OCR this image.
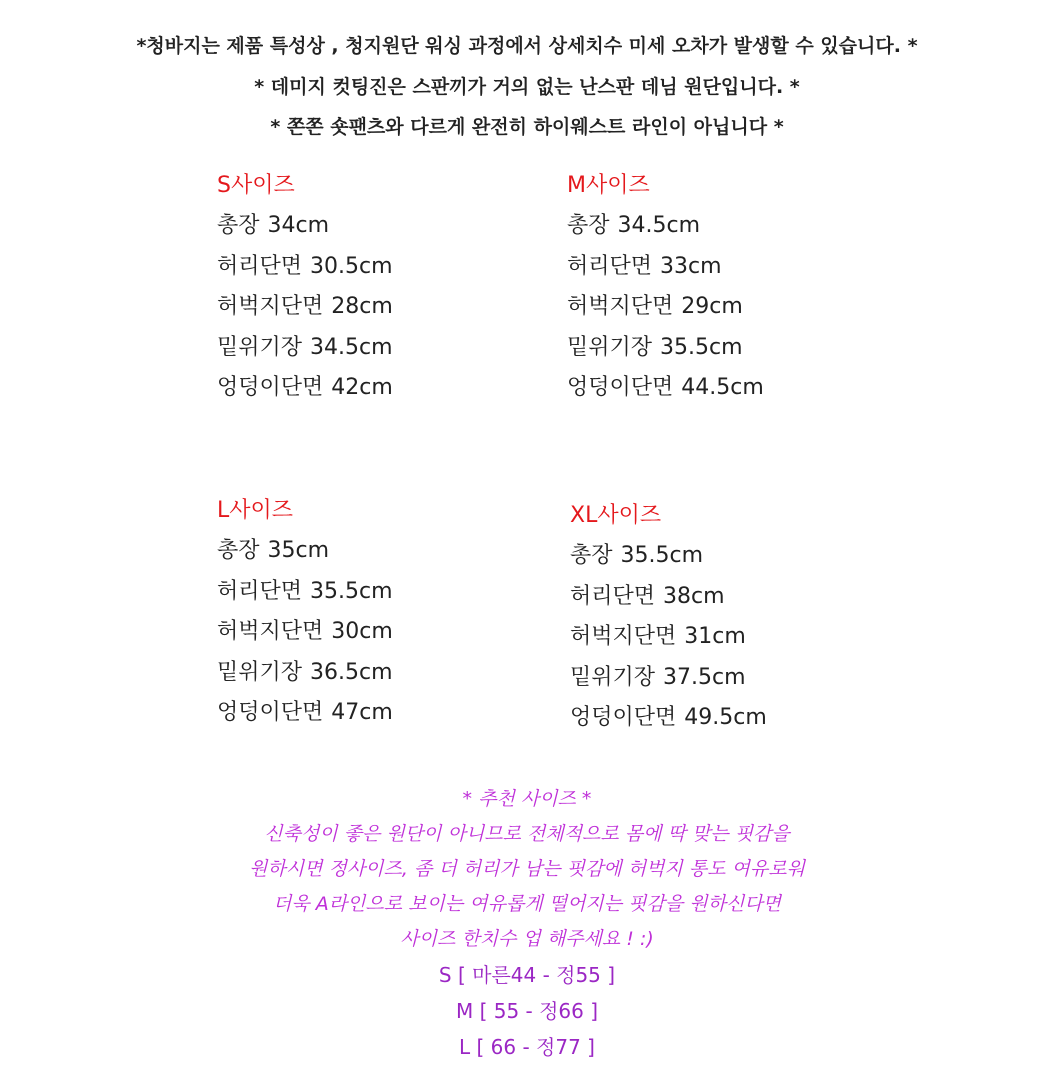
*청바지는 제품 특성상 , 청지원단 워싱 과정에서 상세치수 미세 오차가 발생할 수 있습니다. *
* 데미지 컷팅진은 스판끼가 거의 없는 난스판 데님 원단입니다. *
* 쫀쫀 숏팬츠와 다르게 완전히 하이웨스트 라인이 아닙니다 *
S사이즈
총장 34cm
허리단면 30.5cm
허벅지단면 28cm
밑위기장 34.5cm
엉덩이단면 42cm
M사이즈
총장 34.5cm
허리단면 33cm
허벅지단면 29cm
밑위기장 35.5cm
엉덩이단면 44.5cm
L사이즈
총장 35cm
허리단면 35.5cm
허벅지단면 30cm
밑위기장 36.5cm
엉덩이단면 47cm
XL사이즈
총장 35.5cm
허리단면 38cm
허벅지단면 31cm
밑위기장 37.5cm
엉덩이단면 49.5cm
* 추천 사이즈 *
신축성이 좋은 원단이 아니므로 전체적으로 몸에 딱 맞는 핏감을
원하시면 정사이즈, 좀 더 허리가 남는 핏감에 허벅지 통도 여유로워
더욱 A라인으로 보이는 여유롭게 떨어지는 핏감을 원하신다면
사이즈 한치수 업 해주세요 ! :)
S [ 마른44 - 정55 ]
M [ 55 - 정66 ]
L [ 66 - 정77 ]
